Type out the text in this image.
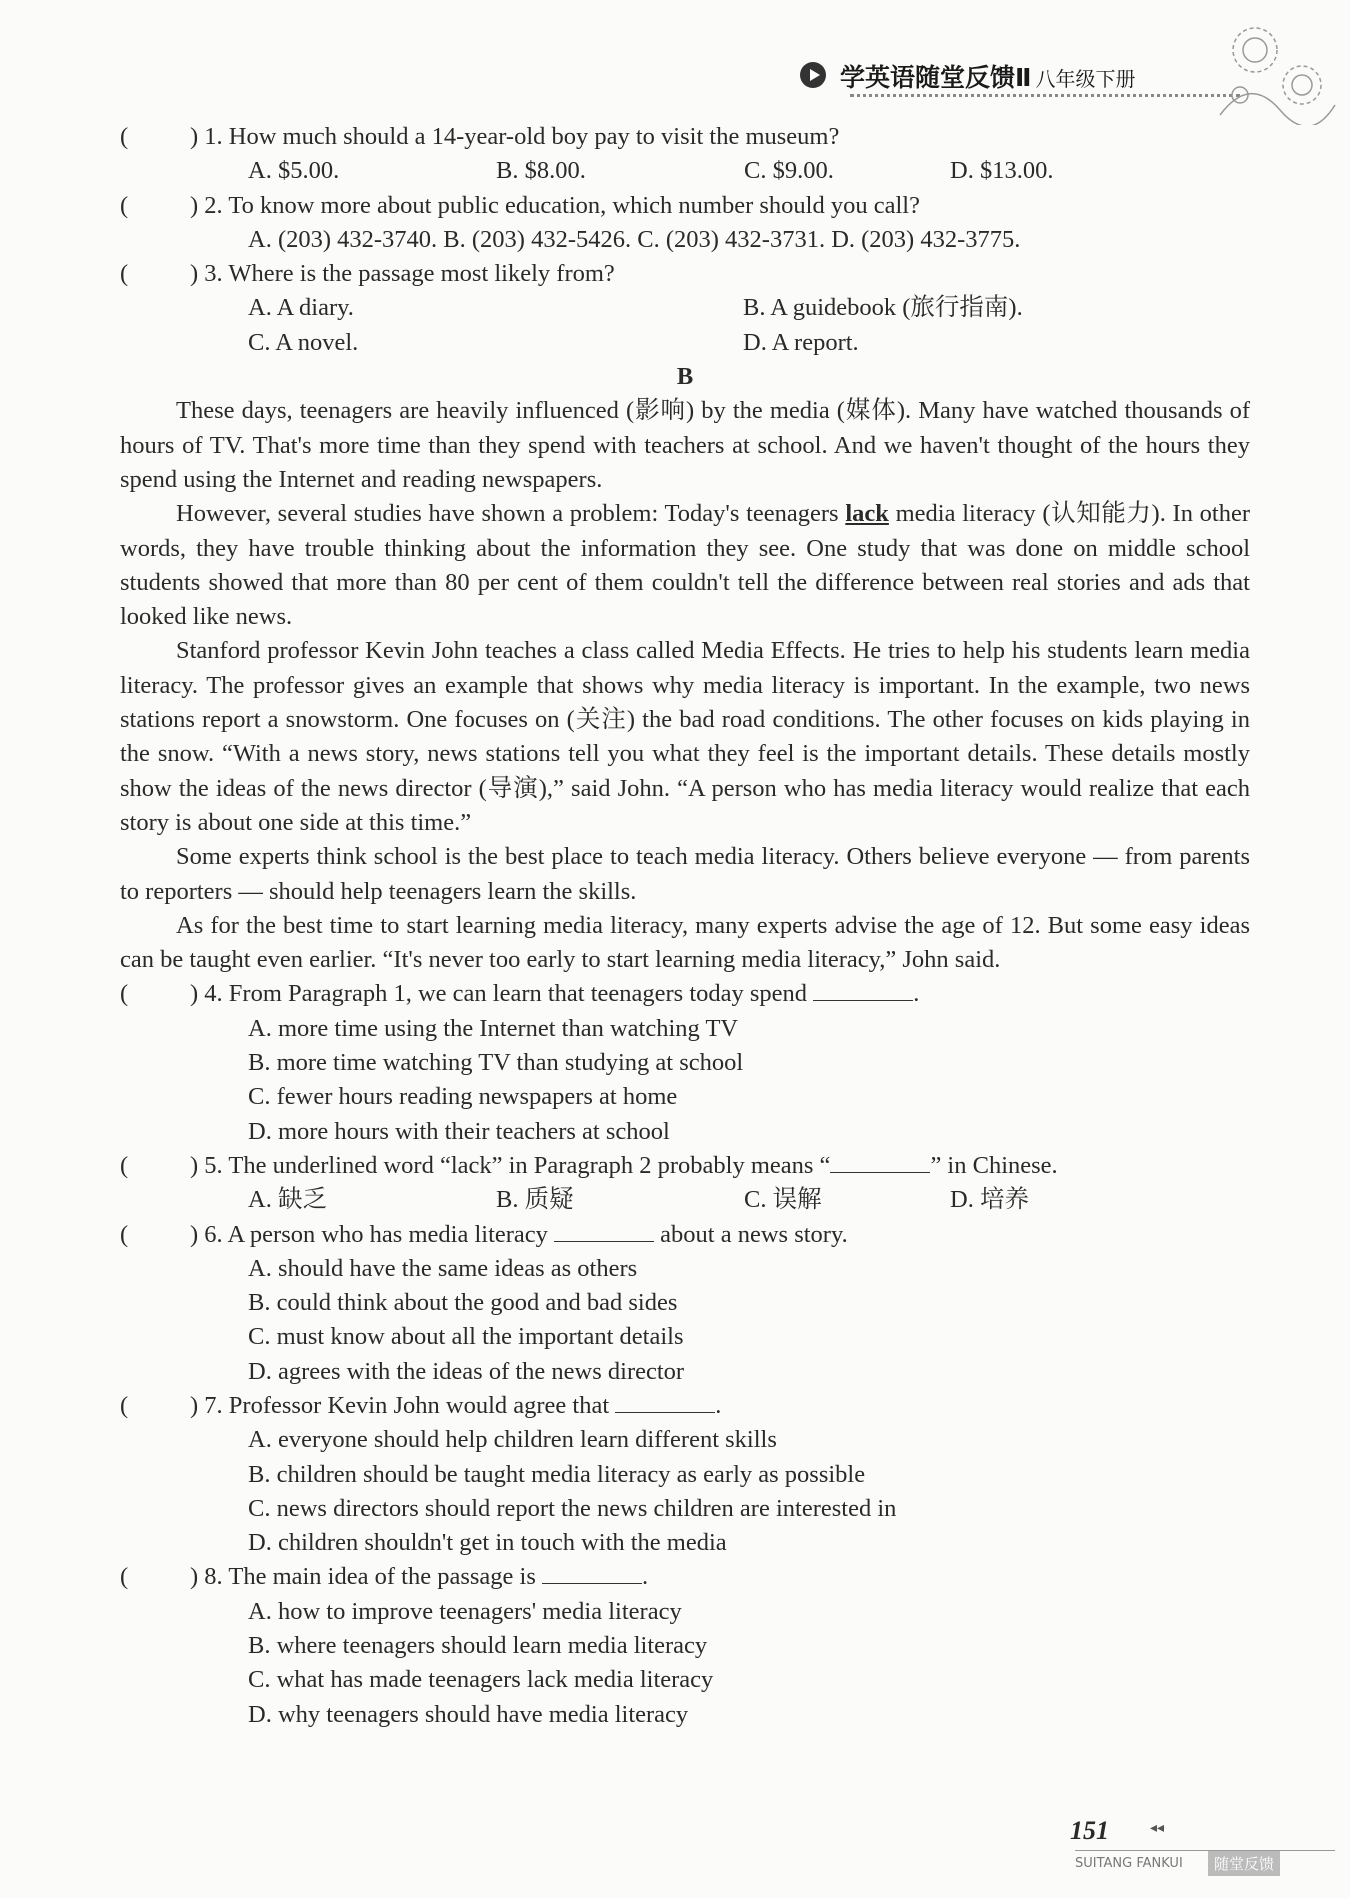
学英语随堂反馈Ⅱ 八年级下册
(	) 1. How much should a 14-year-old boy pay to visit the museum?
A. $5.00.	B. $8.00.	C. $9.00.	D. $13.00.
(	) 2. To know more about public education, which number should you call?
A. (203) 432-3740. B. (203) 432-5426. C. (203) 432-3731. D. (203) 432-3775.
(	) 3. Where is the passage most likely from?
A. A diary.	B. A guidebook (旅行指南).
C. A novel.	D. A report.
B
These days, teenagers are heavily influenced (影响) by the media (媒体). Many have watched thousands of hours of TV. That's more time than they spend with teachers at school. And we haven't thought of the hours they spend using the Internet and reading newspapers.
However, several studies have shown a problem: Today's teenagers lack media literacy (认知能力). In other words, they have trouble thinking about the information they see. One study that was done on middle school students showed that more than 80 per cent of them couldn't tell the difference between real stories and ads that looked like news.
Stanford professor Kevin John teaches a class called Media Effects. He tries to help his students learn media literacy. The professor gives an example that shows why media literacy is important. In the example, two news stations report a snowstorm. One focuses on (关注) the bad road conditions. The other focuses on kids playing in the snow. “With a news story, news stations tell you what they feel is the important details. These details mostly show the ideas of the news director (导演),” said John. “A person who has media literacy would realize that each story is about one side at this time.”
Some experts think school is the best place to teach media literacy. Others believe everyone — from parents to reporters — should help teenagers learn the skills.
As for the best time to start learning media literacy, many experts advise the age of 12. But some easy ideas can be taught even earlier. “It's never too early to start learning media literacy,” John said.
(	) 4. From Paragraph 1, we can learn that teenagers today spend	.
A. more time using the Internet than watching TV
B. more time watching TV than studying at school
C. fewer hours reading newspapers at home
D. more hours with their teachers at school
(	) 5. The underlined word “lack” in Paragraph 2 probably means “	” in Chinese.
A. 缺乏	B. 质疑	C. 误解	D. 培养
(	) 6. A person who has media literacy	about a news story.
A. should have the same ideas as others
B. could think about the good and bad sides
C. must know about all the important details
D. agrees with the ideas of the news director
(	) 7. Professor Kevin John would agree that	.
A. everyone should help children learn different skills
B. children should be taught media literacy as early as possible
C. news directors should report the news children are interested in
D. children shouldn't get in touch with the media
(	) 8. The main idea of the passage is	.
A. how to improve teenagers' media literacy
B. where teenagers should learn media literacy
C. what has made teenagers lack media literacy
D. why teenagers should have media literacy
151	◂◂
SUITANG FANKUI	随堂反馈
